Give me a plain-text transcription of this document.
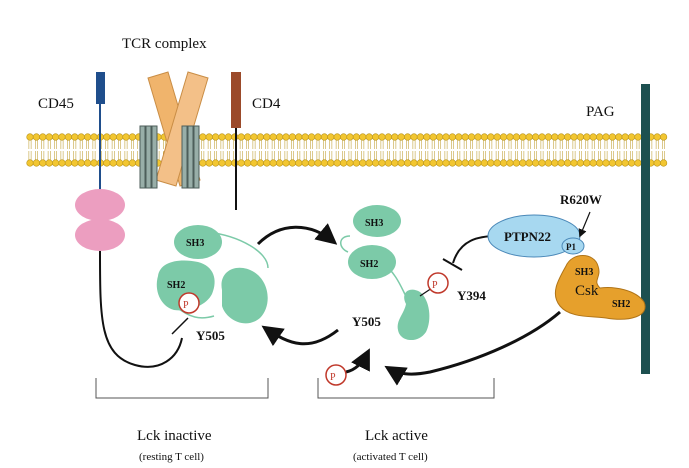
CD45
TCR complex
CD4	PAG
SH3
SH2
P
Y505
SH3
SH2
P
Y505
Y394
PTPN22
P1
R620W
SH3
Csk
SH2
P
Lck inactive
(resting T cell)
Lck active
(activated T cell)
